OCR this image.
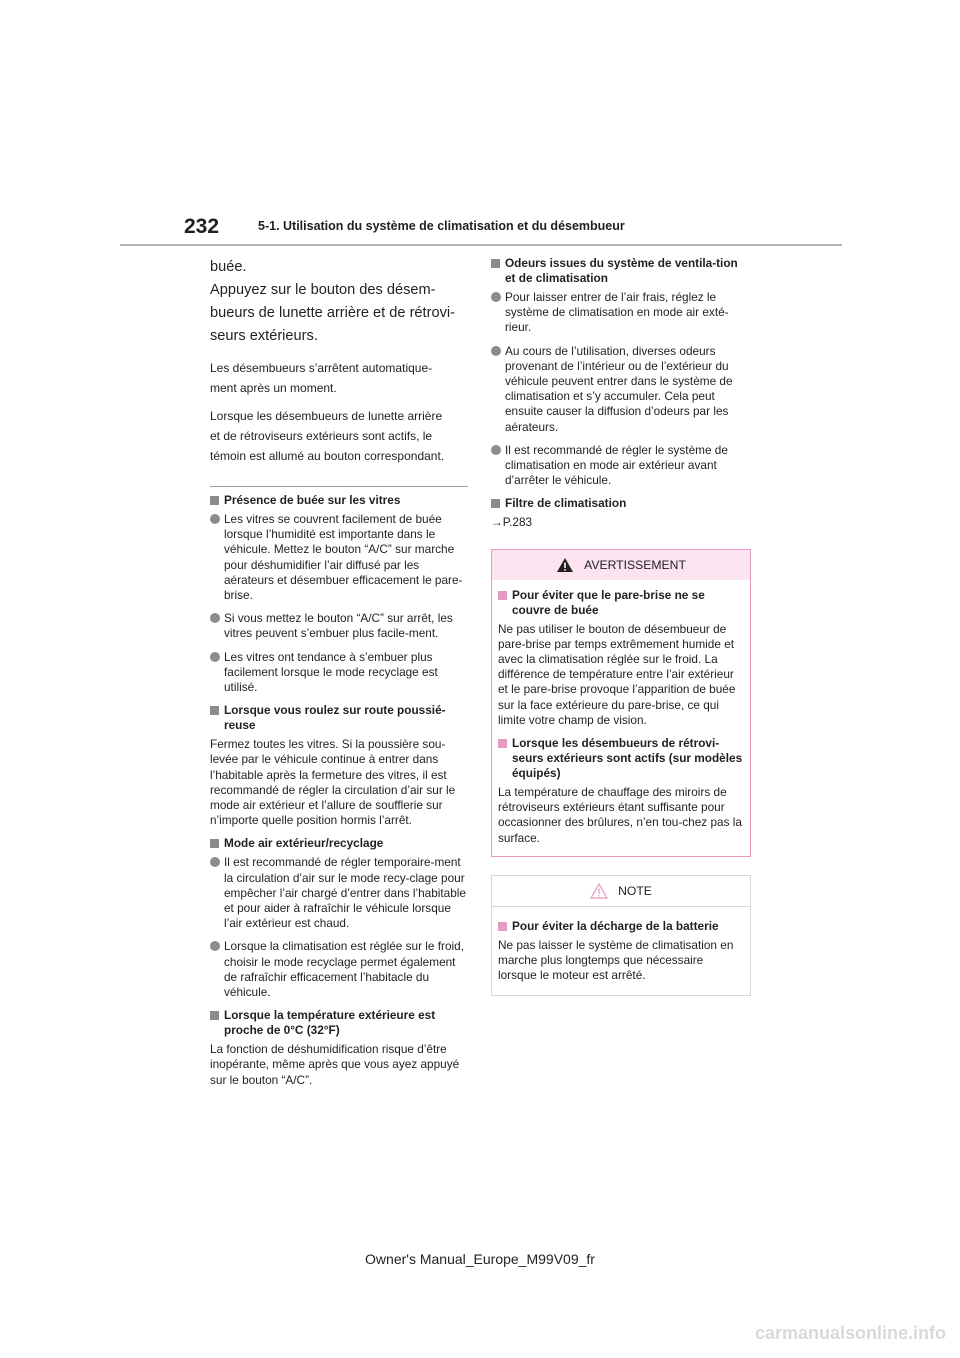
232	5-1. Utilisation du système de climatisation et du désembueur
buée.
Appuyez sur le bouton des désem-
bueurs de lunette arrière et de rétrovi-
seurs extérieurs.
Les désembueurs s’arrêtent automatique-
ment après un moment.
Lorsque les désembueurs de lunette arrière
et de rétroviseurs extérieurs sont actifs, le
témoin est allumé au bouton correspondant.
Présence de buée sur les vitres
Les vitres se couvrent facilement de buée lorsque l’humidité est importante dans le véhicule. Mettez le bouton “A/C” sur marche pour déshumidifier l’air diffusé par les aérateurs et désembuer efficacement le pare-brise.
Si vous mettez le bouton “A/C” sur arrêt, les vitres peuvent s’embuer plus facile-ment.
Les vitres ont tendance à s’embuer plus facilement lorsque le mode recyclage est utilisé.
Lorsque vous roulez sur route poussié-reuse
Fermez toutes les vitres. Si la poussière sou-levée par le véhicule continue à entrer dans l’habitable après la fermeture des vitres, il est recommandé de régler la circulation d’air sur le mode air extérieur et l’allure de soufflerie sur n’importe quelle position hormis l’arrêt.
Mode air extérieur/recyclage
Il est recommandé de régler temporaire-ment la circulation d’air sur le mode recy-clage pour empêcher l’air chargé d’entrer dans l’habitable et pour aider à rafraîchir le véhicule lorsque l’air extérieur est chaud.
Lorsque la climatisation est réglée sur le froid, choisir le mode recyclage permet également de rafraîchir efficacement l’habitacle du véhicule.
Lorsque la température extérieure est proche de 0°C (32°F)
La fonction de déshumidification risque d’être inopérante, même après que vous ayez appuyé sur le bouton “A/C”.
Odeurs issues du système de ventila-tion et de climatisation
Pour laisser entrer de l’air frais, réglez le système de climatisation en mode air exté-rieur.
Au cours de l’utilisation, diverses odeurs provenant de l’intérieur ou de l’extérieur du véhicule peuvent entrer dans le système de climatisation et s’y accumuler. Cela peut ensuite causer la diffusion d’odeurs par les aérateurs.
Il est recommandé de régler le système de climatisation en mode air extérieur avant d’arrêter le véhicule.
Filtre de climatisation
→P.283
AVERTISSEMENT
Pour éviter que le pare-brise ne se couvre de buée
Ne pas utiliser le bouton de désembueur de pare-brise par temps extrêmement humide et avec la climatisation réglée sur le froid. La différence de température entre l’air extérieur et le pare-brise provoque l’apparition de buée sur la face extérieure du pare-brise, ce qui limite votre champ de vision.
Lorsque les désembueurs de rétrovi-seurs extérieurs sont actifs (sur modèles équipés)
La température de chauffage des miroirs de rétroviseurs extérieurs étant suffisante pour occasionner des brûlures, n’en tou-chez pas la surface.
NOTE
Pour éviter la décharge de la batterie
Ne pas laisser le système de climatisation en marche plus longtemps que nécessaire lorsque le moteur est arrêté.
Owner's Manual_Europe_M99V09_fr
carmanualsonline.info
